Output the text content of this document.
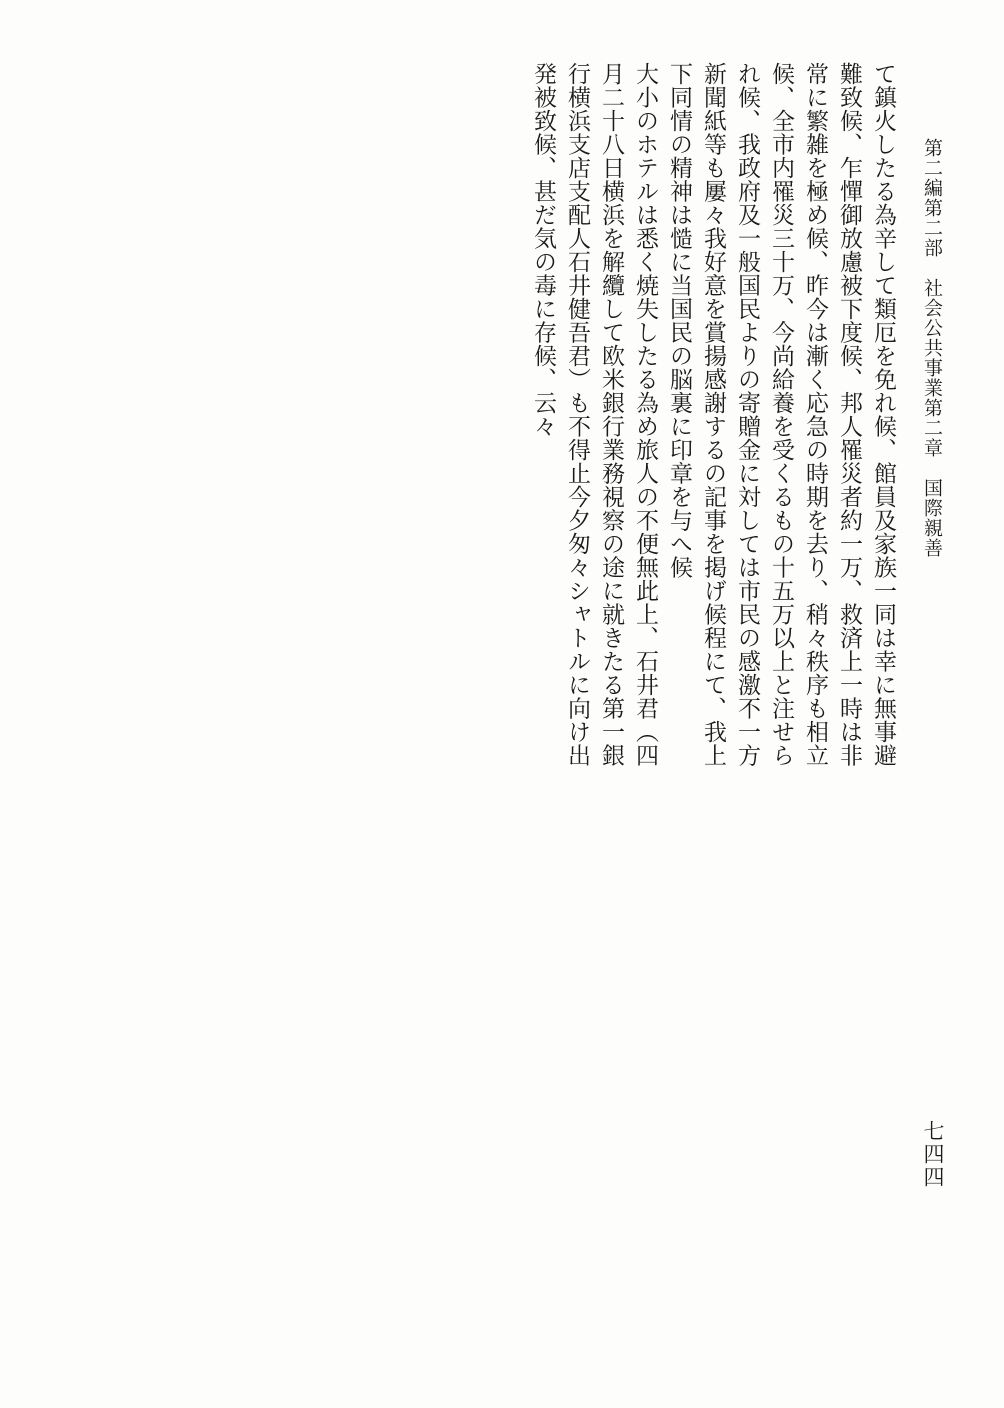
第二編第二部　社会公共事業第二章　国際親善

て鎮火したる為辛して類厄を免れ候、館員及家族一同は幸に無事避

難致候、乍憚御放慮被下度候、邦人罹災者約一万、救済上一時は非

常に繁雑を極め候、昨今は漸く応急の時期を去り、稍々秩序も相立

候、全市内罹災三十万、今尚給養を受くるもの十五万以上と注せら

れ候、我政府及一般国民よりの寄贈金に対しては市民の感激不一方

新聞紙等も屢々我好意を賞揚感謝するの記事を掲げ候程にて、我上

下同情の精神は慥に当国民の脳裏に印章を与へ候

大小のホテルは悉く焼失したる為め旅人の不便無此上、石井君（四

月二十八日横浜を解纜して欧米銀行業務視察の途に就きたる第一銀

行横浜支店支配人石井健吾君）も不得止今夕匆々シャトルに向け出

発被致候、甚だ気の毒に存候、云々

七四四
